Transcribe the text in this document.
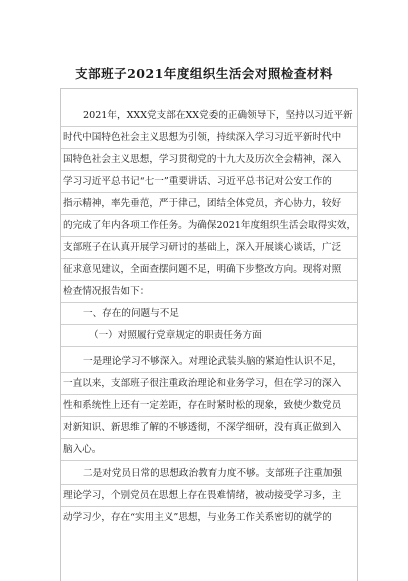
支部班子2021年度组织生活会对照检查材料
2021年，XXX党支部在XX党委的正确领导下，坚持以习近平新
时代中国特色社会主义思想为引领，持续深入学习习近平新时代中
国特色社会主义思想，学习贯彻党的十九大及历次全会精神，深入
学习习近平总书记“七一”重要讲话、习近平总书记对公安工作的
指示精神，率先垂范，严于律己，团结全体党员，齐心协力，较好
的完成了年内各项工作任务。为确保2021年度组织生活会取得实效，
支部班子在认真开展学习研讨的基础上，深入开展谈心谈话，广泛
征求意见建议，全面查摆问题不足，明确下步整改方向。现将对照
检查情况报告如下：
一、存在的问题与不足
（一）对照履行党章规定的职责任务方面
一是理论学习不够深入。对理论武装头脑的紧迫性认识不足，
一直以来，支部班子很注重政治理论和业务学习，但在学习的深入
性和系统性上还有一定差距，存在时紧时松的现象，致使少数党员
对新知识、新思维了解的不够透彻，不深学细研，没有真正做到入
脑入心。
二是对党员日常的思想政治教育力度不够。支部班子注重加强
理论学习，个别党员在思想上存在畏难情绪，被动接受学习多，主
动学习少，存在“实用主义”思想，与业务工作关系密切的就学的
